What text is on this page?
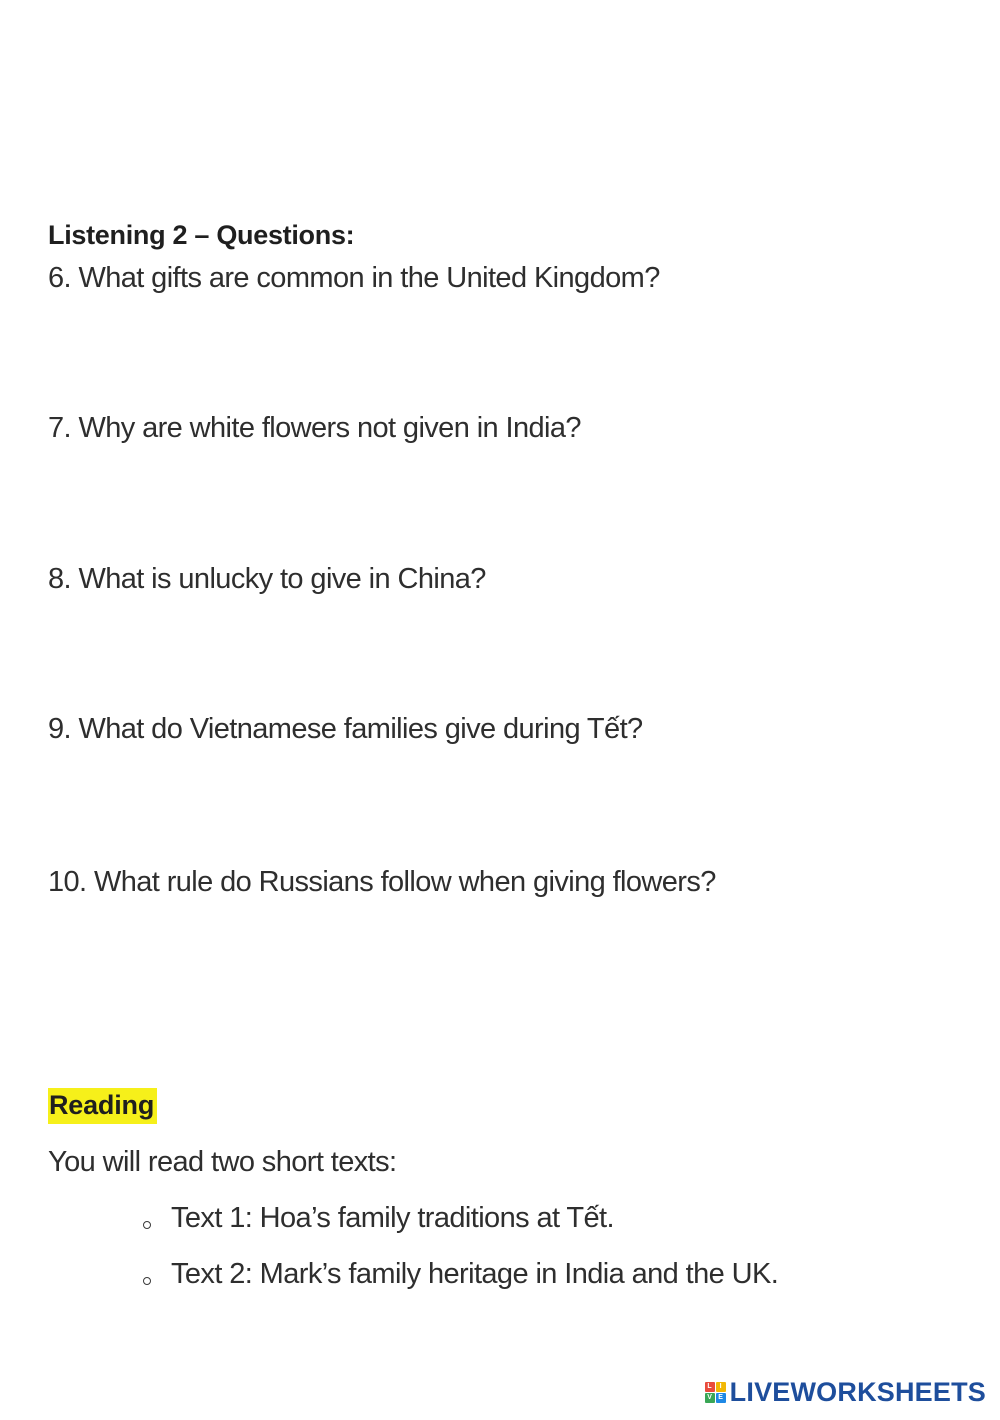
Listening 2 – Questions:
6. What gifts are common in the United Kingdom?
7. Why are white flowers not given in India?
8. What is unlucky to give in China?
9. What do Vietnamese families give during Tết?
10. What rule do Russians follow when giving flowers?
Reading
You will read two short texts:
Text 1: Hoa’s family traditions at Tết.
Text 2: Mark’s family heritage in India and the UK.
L	I
V E LIVEWORKSHEETS
